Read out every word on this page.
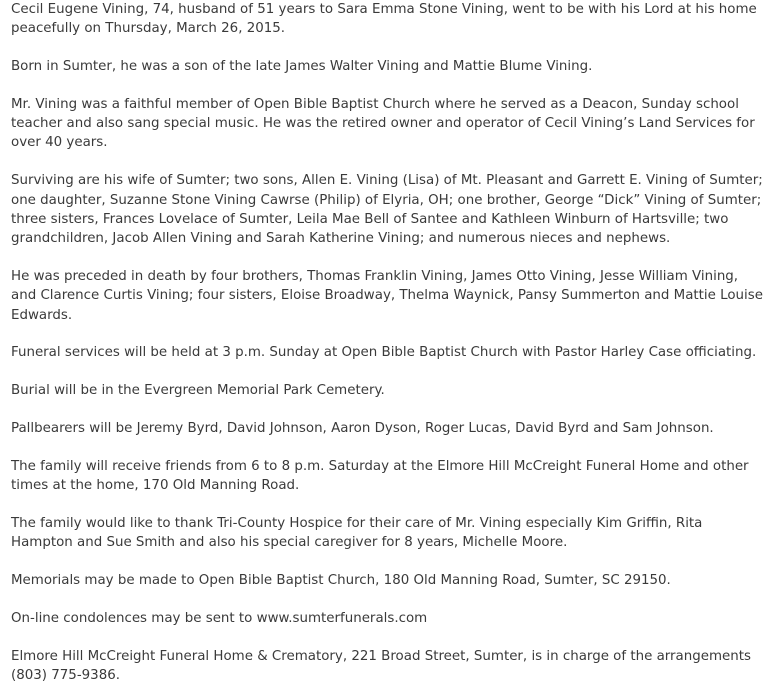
Cecil Eugene Vining, 74, husband of 51 years to Sara Emma Stone Vining, went to be with his Lord at his home peacefully on Thursday, March 26, 2015.

Born in Sumter, he was a son of the late James Walter Vining and Mattie Blume Vining.

Mr. Vining was a faithful member of Open Bible Baptist Church where he served as a Deacon, Sunday school teacher and also sang special music. He was the retired owner and operator of Cecil Vining’s Land Services for over 40 years.

Surviving are his wife of Sumter; two sons, Allen E. Vining (Lisa) of Mt. Pleasant and Garrett E. Vining of Sumter; one daughter, Suzanne Stone Vining Cawrse (Philip) of Elyria, OH; one brother, George “Dick” Vining of Sumter; three sisters, Frances Lovelace of Sumter, Leila Mae Bell of Santee and Kathleen Winburn of Hartsville; two grandchildren, Jacob Allen Vining and Sarah Katherine Vining; and numerous nieces and nephews.

He was preceded in death by four brothers, Thomas Franklin Vining, James Otto Vining, Jesse William Vining, and Clarence Curtis Vining; four sisters, Eloise Broadway, Thelma Waynick, Pansy Summerton and Mattie Louise Edwards.

Funeral services will be held at 3 p.m. Sunday at Open Bible Baptist Church with Pastor Harley Case officiating.

Burial will be in the Evergreen Memorial Park Cemetery.

Pallbearers will be Jeremy Byrd, David Johnson, Aaron Dyson, Roger Lucas, David Byrd and Sam Johnson.

The family will receive friends from 6 to 8 p.m. Saturday at the Elmore Hill McCreight Funeral Home and other times at the home, 170 Old Manning Road.

The family would like to thank Tri-County Hospice for their care of Mr. Vining especially Kim Griffin, Rita Hampton and Sue Smith and also his special caregiver for 8 years, Michelle Moore.

Memorials may be made to Open Bible Baptist Church, 180 Old Manning Road, Sumter, SC 29150.

On-line condolences may be sent to www.sumterfunerals.com

Elmore Hill McCreight Funeral Home & Crematory, 221 Broad Street, Sumter, is in charge of the arrangements (803) 775-9386.
